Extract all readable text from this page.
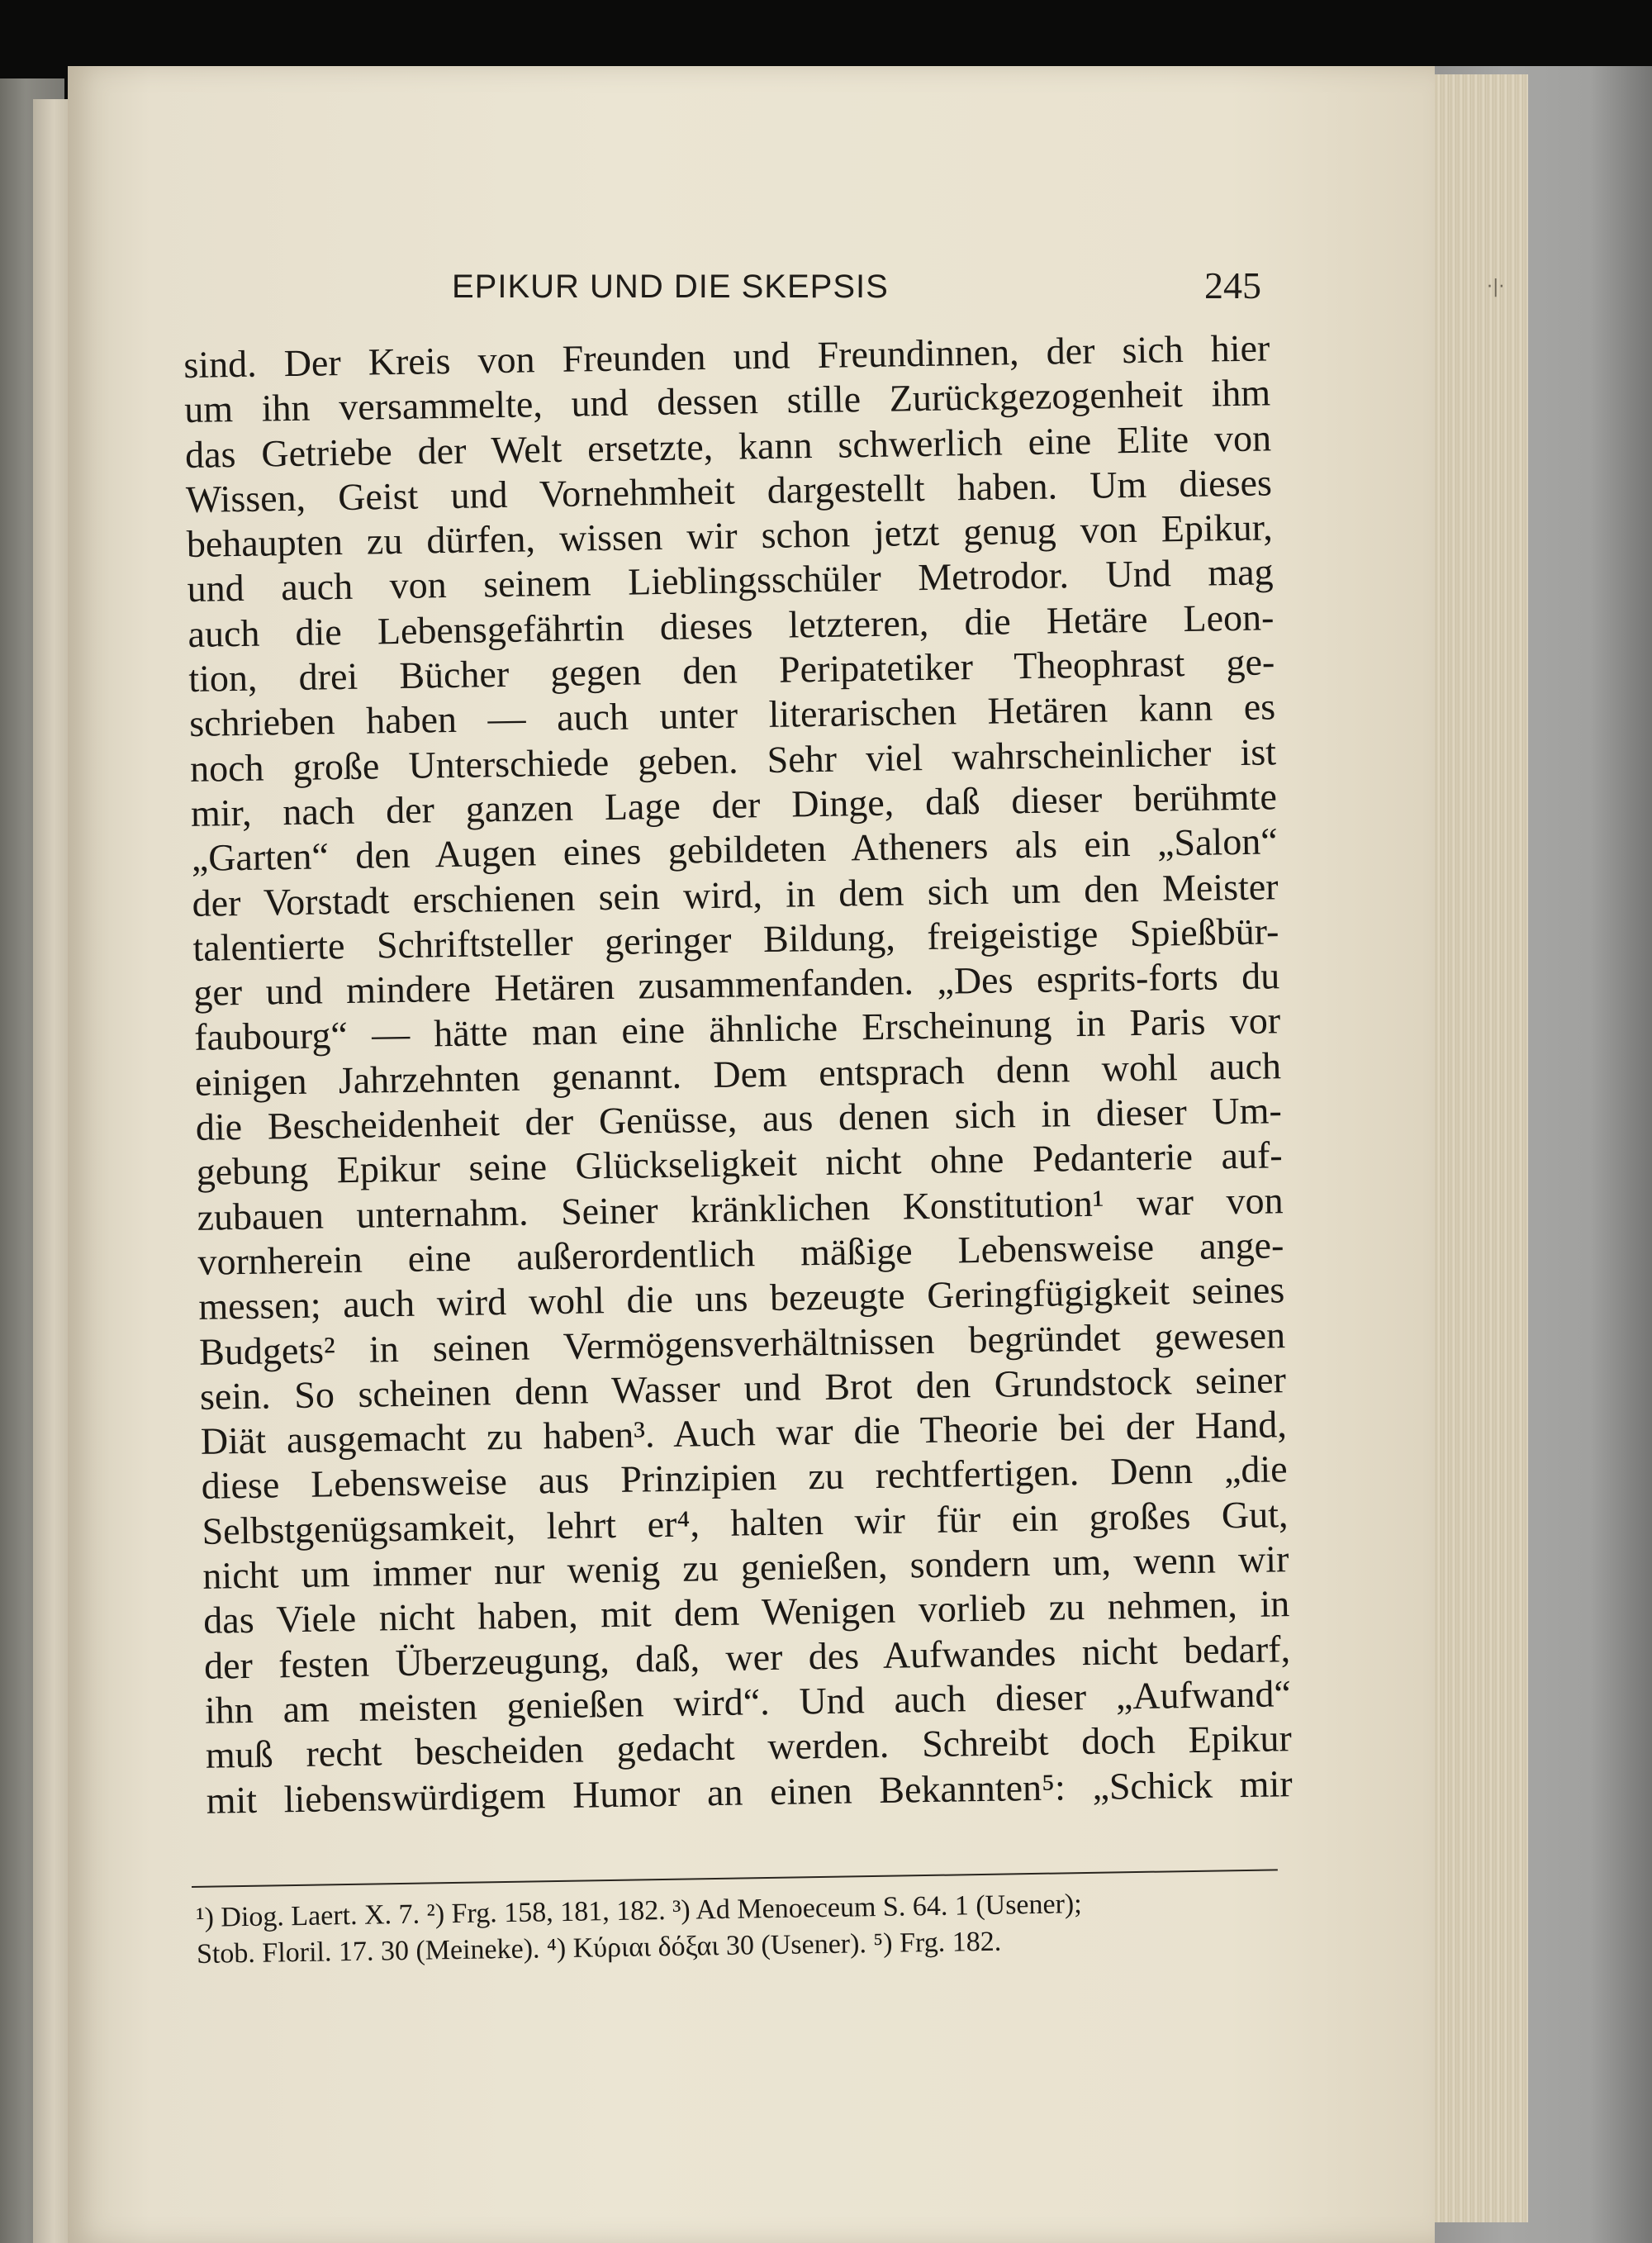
EPIKUR UND DIE SKEPSIS	245
sind. Der Kreis von Freunden und Freundinnen, der sich hier
um ihn versammelte, und dessen stille Zurückgezogenheit ihm
das Getriebe der Welt ersetzte, kann schwerlich eine Elite von
Wissen, Geist und Vornehmheit dargestellt haben. Um dieses
behaupten zu dürfen, wissen wir schon jetzt genug von Epikur,
und auch von seinem Lieblingsschüler Metrodor. Und mag
auch die Lebensgefährtin dieses letzteren, die Hetäre Leon-
tion, drei Bücher gegen den Peripatetiker Theophrast ge-
schrieben haben — auch unter literarischen Hetären kann es
noch große Unterschiede geben. Sehr viel wahrscheinlicher ist
mir, nach der ganzen Lage der Dinge, daß dieser berühmte
„Garten“ den Augen eines gebildeten Atheners als ein „Salon“
der Vorstadt erschienen sein wird, in dem sich um den Meister
talentierte Schriftsteller geringer Bildung, freigeistige Spießbür-
ger und mindere Hetären zusammenfanden. „Des esprits-forts du
faubourg“ — hätte man eine ähnliche Erscheinung in Paris vor
einigen Jahrzehnten genannt. Dem entsprach denn wohl auch
die Bescheidenheit der Genüsse, aus denen sich in dieser Um-
gebung Epikur seine Glückseligkeit nicht ohne Pedanterie auf-
zubauen unternahm. Seiner kränklichen Konstitution¹ war von
vornherein eine außerordentlich mäßige Lebensweise ange-
messen; auch wird wohl die uns bezeugte Geringfügigkeit seines
Budgets² in seinen Vermögensverhältnissen begründet gewesen
sein. So scheinen denn Wasser und Brot den Grundstock seiner
Diät ausgemacht zu haben³. Auch war die Theorie bei der Hand,
diese Lebensweise aus Prinzipien zu rechtfertigen. Denn „die
Selbstgenügsamkeit, lehrt er⁴, halten wir für ein großes Gut,
nicht um immer nur wenig zu genießen, sondern um, wenn wir
das Viele nicht haben, mit dem Wenigen vorlieb zu nehmen, in
der festen Überzeugung, daß, wer des Aufwandes nicht bedarf,
ihn am meisten genießen wird“. Und auch dieser „Aufwand“
muß recht bescheiden gedacht werden. Schreibt doch Epikur
mit liebenswürdigem Humor an einen Bekannten⁵: „Schick mir
¹) Diog. Laert. X. 7. ²) Frg. 158, 181, 182. ³) Ad Menoeceum S. 64. 1 (Usener);
Stob. Floril. 17. 30 (Meineke). ⁴) Κύριαι δόξαι 30 (Usener). ⁵) Frg. 182.
·|·
